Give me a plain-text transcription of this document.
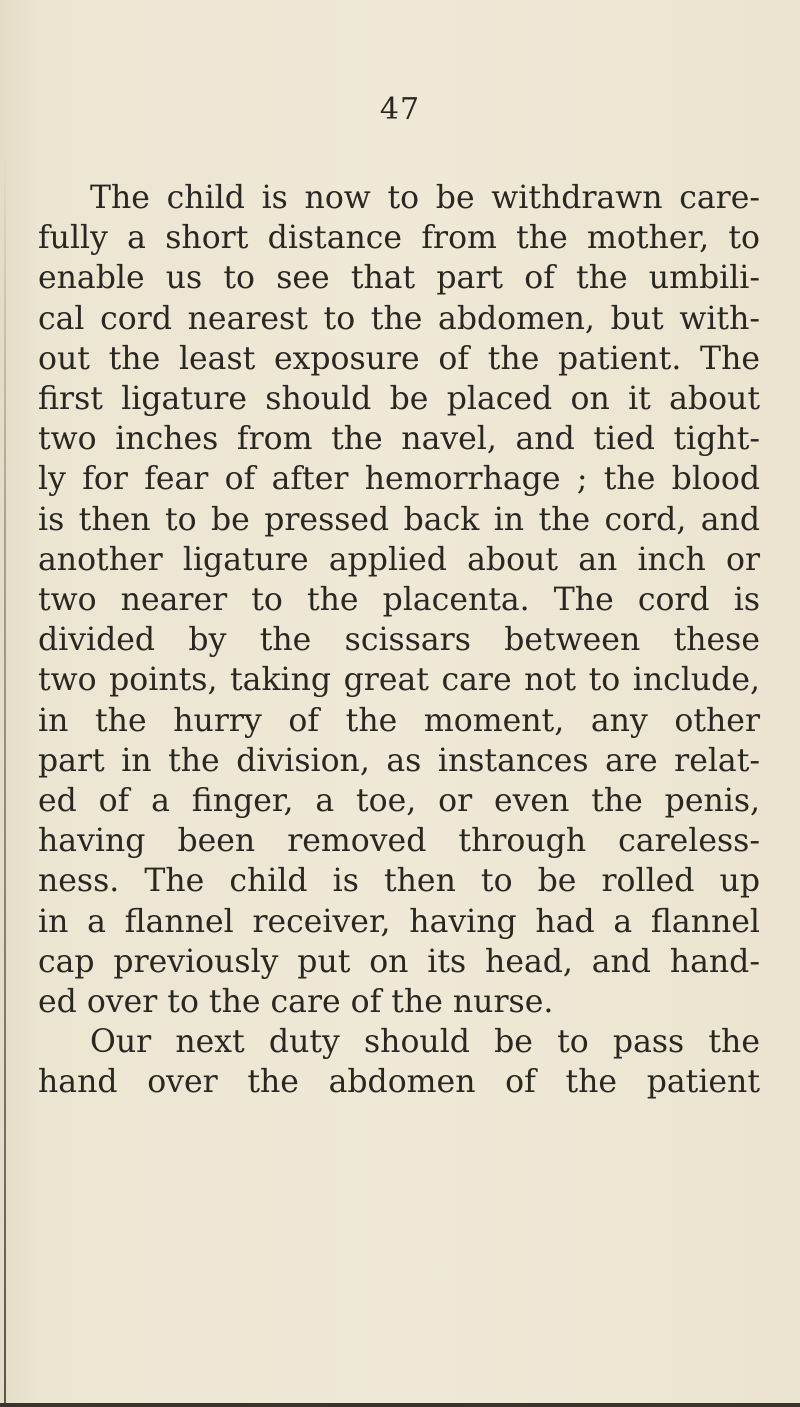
47
The child is now to be withdrawn care-
fully a short distance from the mother, to
enable us to see that part of the umbili-
cal cord nearest to the abdomen, but with-
out the least exposure of the patient. The
first ligature should be placed on it about
two inches from the navel, and tied tight-
ly for fear of after hemorrhage ; the blood
is then to be pressed back in the cord, and
another ligature applied about an inch or
two nearer to the placenta. The cord is
divided by the scissars between these
two points, taking great care not to include,
in the hurry of the moment, any other
part in the division, as instances are relat-
ed of a finger, a toe, or even the penis,
having been removed through careless-
ness. The child is then to be rolled up
in a flannel receiver, having had a flannel
cap previously put on its head, and hand-
ed over to the care of the nurse.
Our next duty should be to pass the
hand over the abdomen of the patient
